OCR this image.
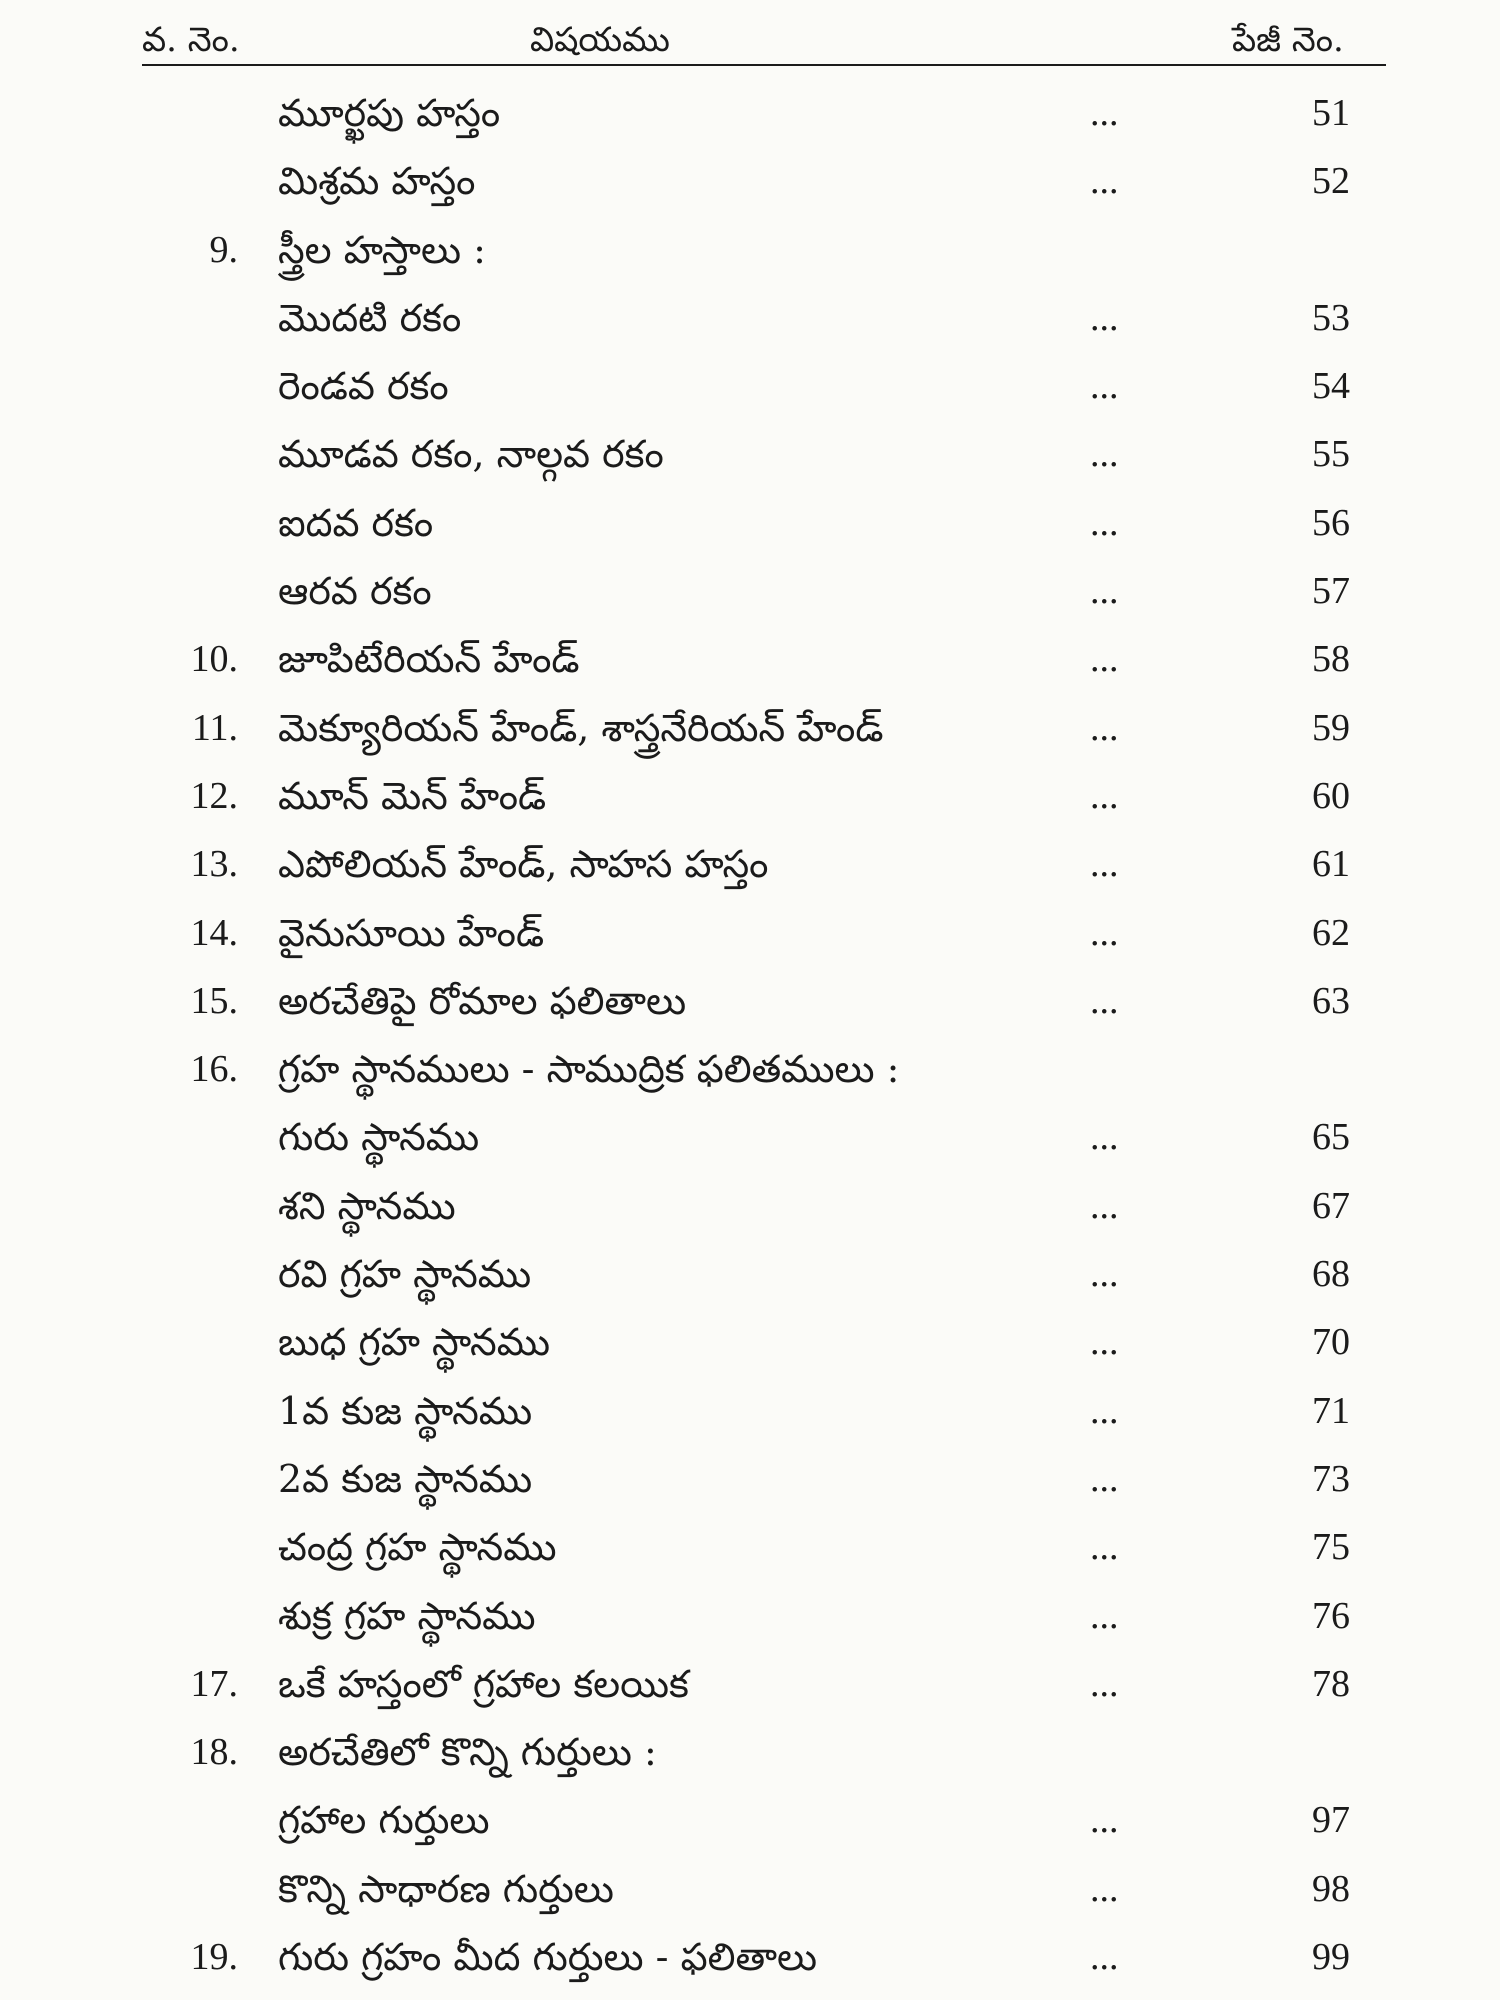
వ. నెం.	విషయము	పేజీ నెం.
మూర్ఖపు హస్తం	...	51
మిశ్రమ హస్తం	...	52
9. స్త్రీల హస్తాలు :
మొదటి రకం	...	53
రెండవ రకం	...	54
మూడవ రకం, నాల్గవ రకం	...	55
ఐదవ రకం	...	56
ఆరవ రకం	...	57
10. జూపిటేరియన్ హేండ్	...	58
11. మెక్యూరియన్ హేండ్, శాస్త్రనేరియన్ హేండ్	...	59
12. మూన్ మెన్ హేండ్	...	60
13. ఎపోలియన్ హేండ్, సాహస హస్తం	...	61
14. వైనుసూయి హేండ్	...	62
15. అరచేతిపై రోమాల ఫలితాలు	...	63
16. గ్రహ స్థానములు - సాముద్రిక ఫలితములు :
గురు స్థానము	...	65
శని స్థానము	...	67
రవి గ్రహ స్థానము	...	68
బుధ గ్రహ స్థానము	...	70
1వ కుజ స్థానము	...	71
2వ కుజ స్థానము	...	73
చంద్ర గ్రహ స్థానము	...	75
శుక్ర గ్రహ స్థానము	...	76
17. ఒకే హస్తంలో గ్రహాల కలయిక	...	78
18. అరచేతిలో కొన్ని గుర్తులు :
గ్రహాల గుర్తులు	...	97
కొన్ని సాధారణ గుర్తులు	...	98
19. గురు గ్రహం మీద గుర్తులు - ఫలితాలు	...	99
